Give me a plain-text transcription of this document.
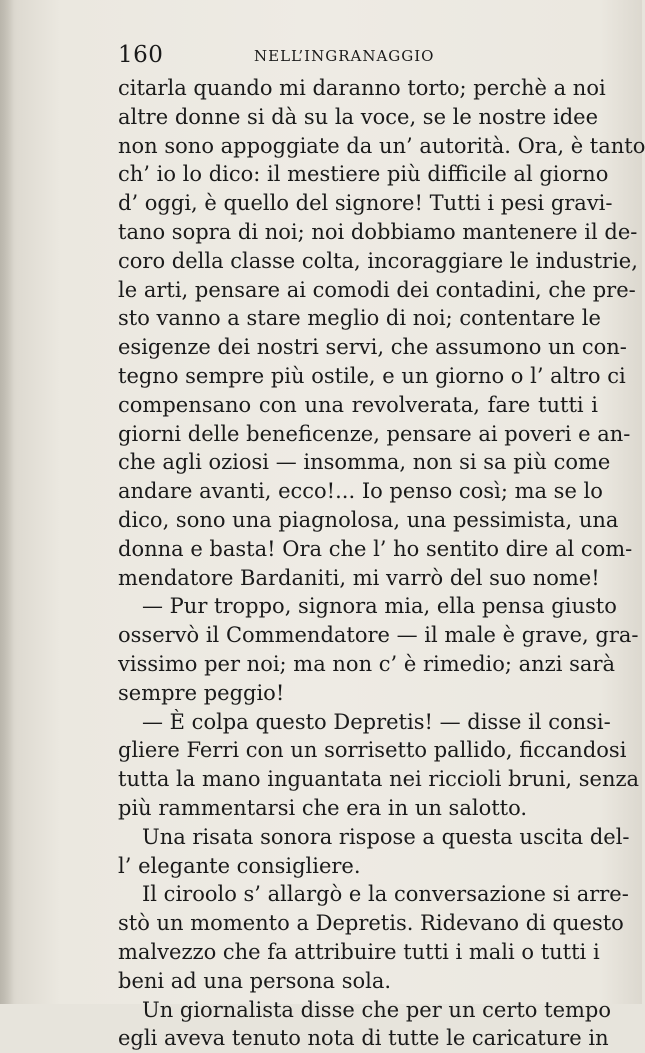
160	NELL’INGRANAGGIO
citarla quando mi daranno torto; perchè a noi
altre donne si dà su la voce, se le nostre idee
non sono appoggiate da un’ autorità. Ora, è tanto
ch’ io lo dico: il mestiere più difficile al giorno
d’ oggi, è quello del signore! Tutti i pesi gravi-
tano sopra di noi; noi dobbiamo mantenere il de-
coro della classe colta, incoraggiare le industrie,
le arti, pensare ai comodi dei contadini, che pre-
sto vanno a stare meglio di noi; contentare le
esigenze dei nostri servi, che assumono un con-
tegno sempre più ostile, e un giorno o l’ altro ci
compensano con una revolverata, fare tutti i
giorni delle beneficenze, pensare ai poveri e an-
che agli oziosi — insomma, non si sa più come
andare avanti, ecco!... Io penso così; ma se lo
dico, sono una piagnolosa, una pessimista, una
donna e basta! Ora che l’ ho sentito dire al com-
mendatore Bardaniti, mi varrò del suo nome!
— Pur troppo, signora mia, ella pensa giusto
osservò il Commendatore — il male è grave, gra-
vissimo per noi; ma non c’ è rimedio; anzi sarà
sempre peggio!
— È colpa questo Depretis! — disse il consi-
gliere Ferri con un sorrisetto pallido, ficcandosi
tutta la mano inguantata nei riccioli bruni, senza
più rammentarsi che era in un salotto.
Una risata sonora rispose a questa uscita del-
l’ elegante consigliere.
Il ciroolo s’ allargò e la conversazione si arre-
stò un momento a Depretis. Ridevano di questo
malvezzo che fa attribuire tutti i mali o tutti i
beni ad una persona sola.
Un giornalista disse che per un certo tempo
egli aveva tenuto nota di tutte le caricature in
